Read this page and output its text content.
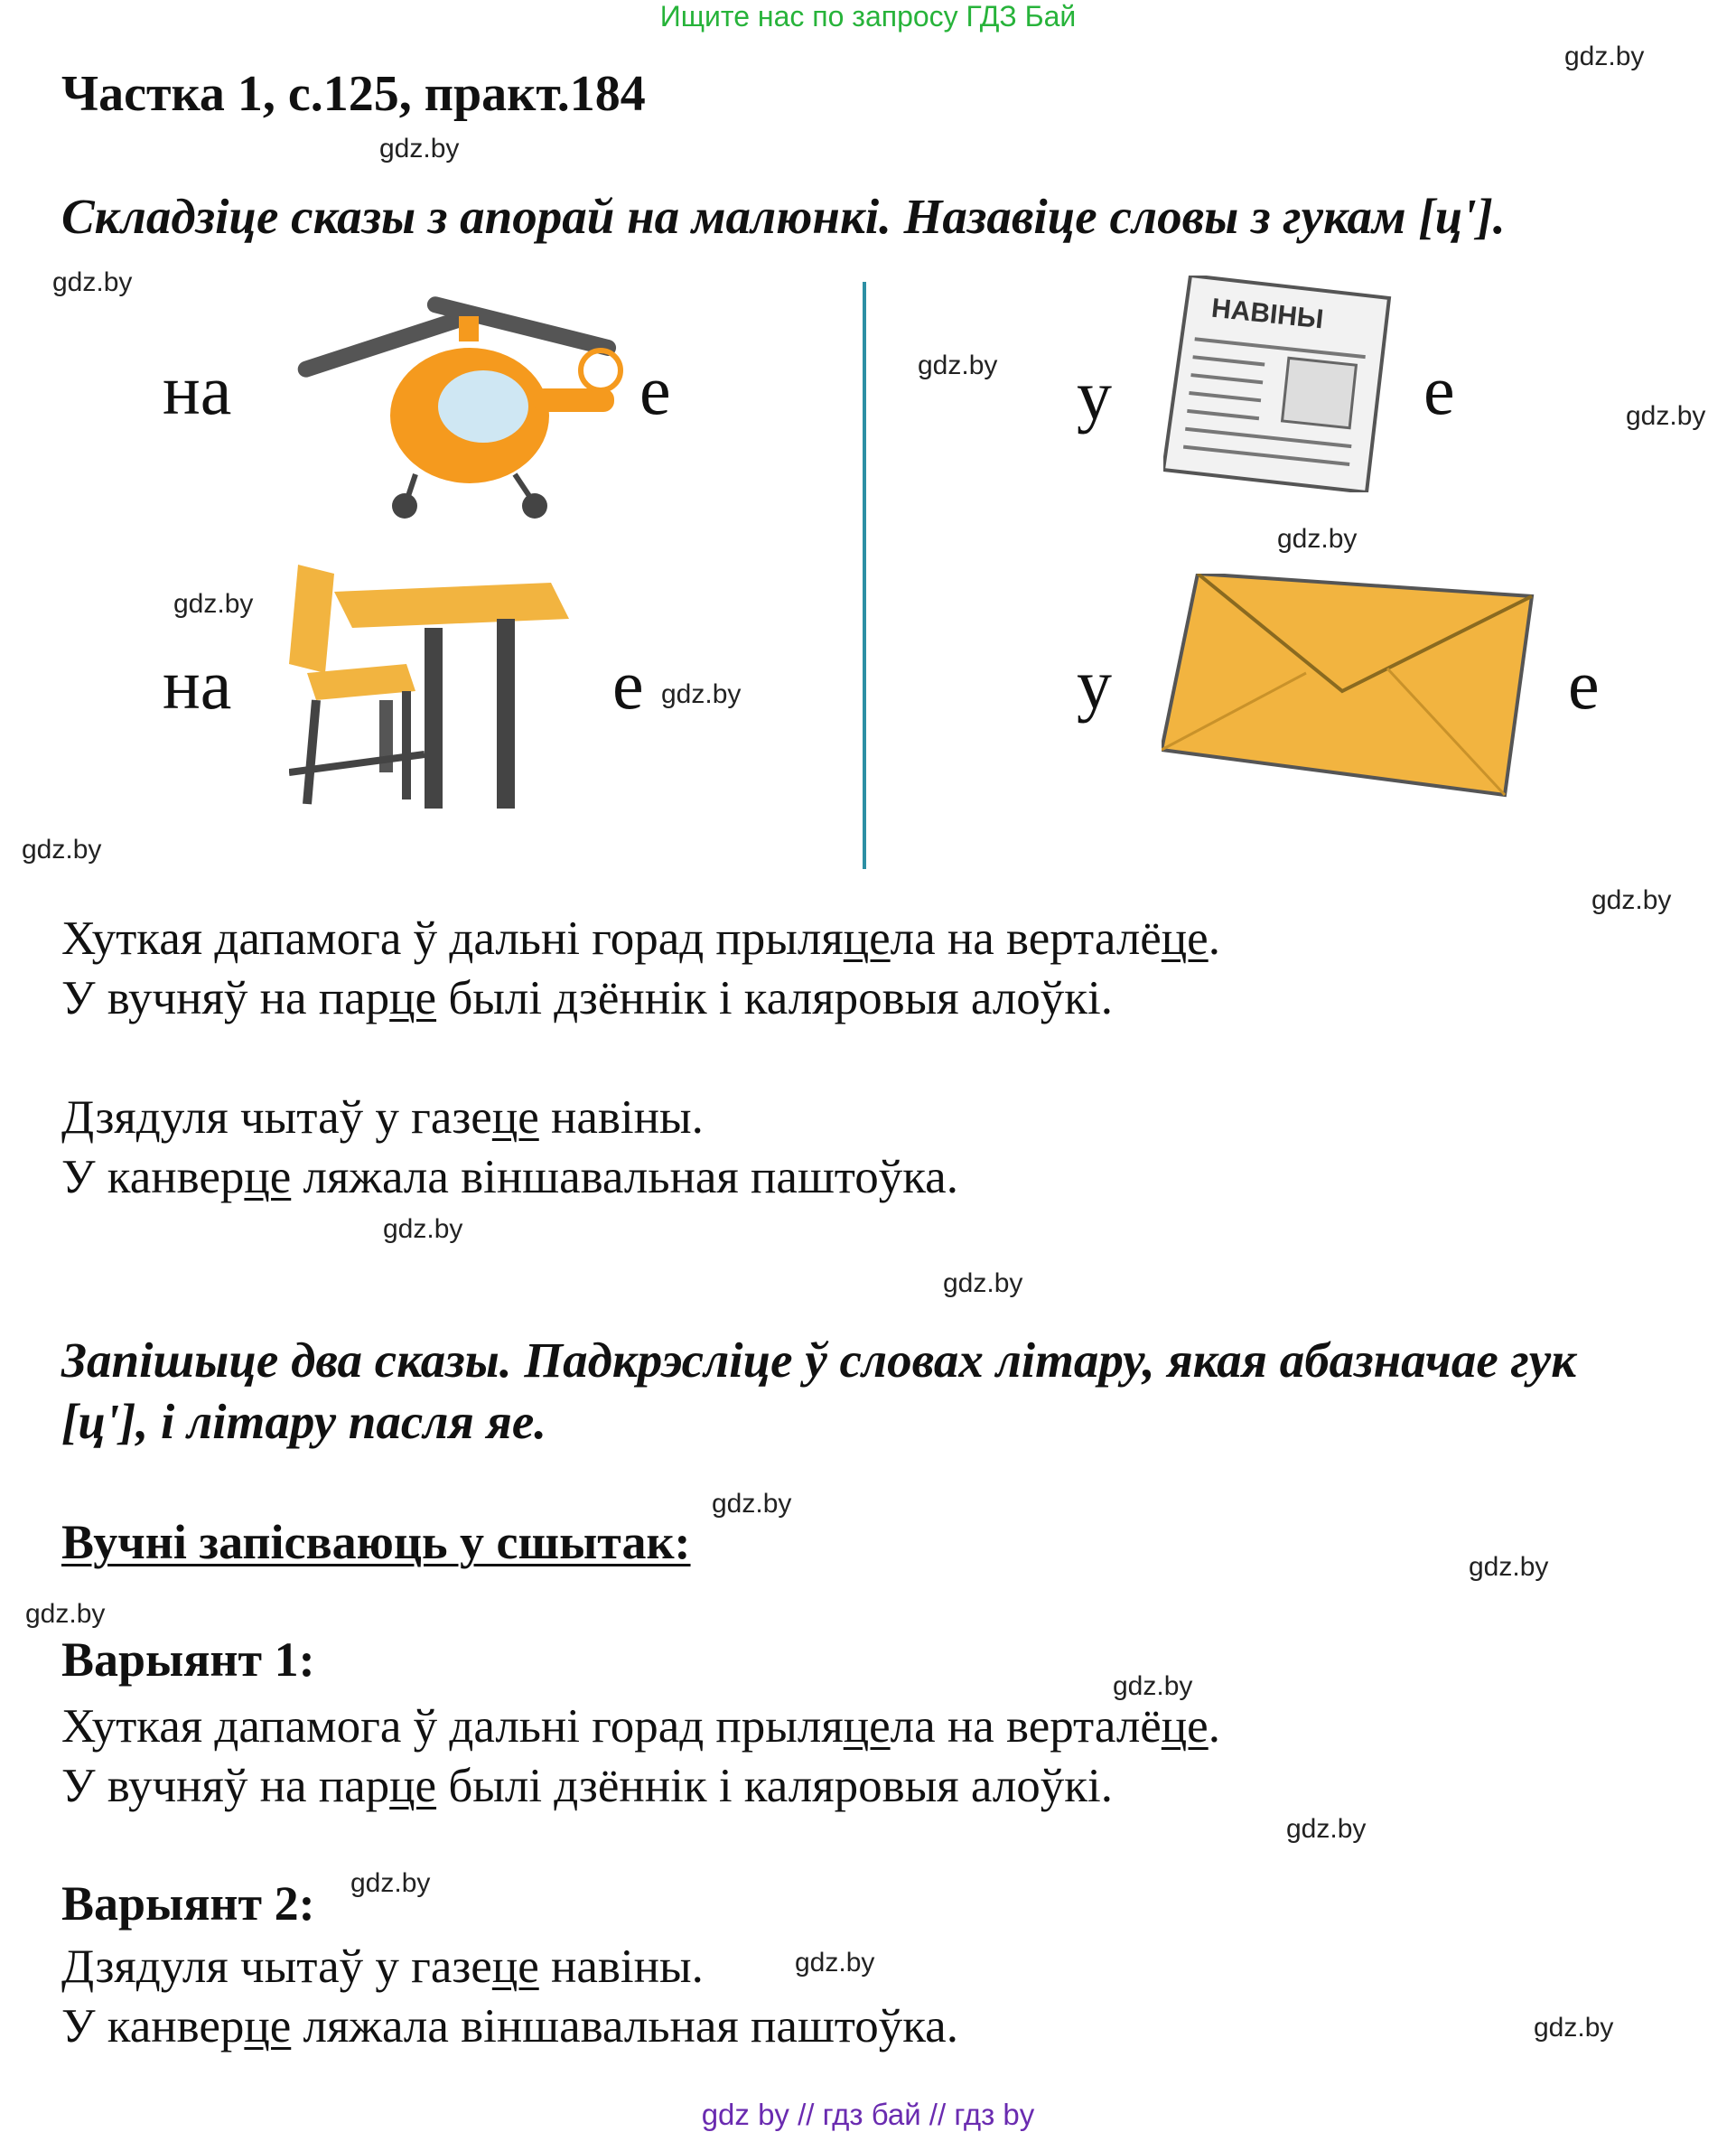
Ищите нас по запросу ГДЗ Бай
Частка 1, с.125, практ.184
Складзіце сказы з апорай на малюнкі. Назавіце словы з гукам [ц'].
на	е
на	е
у	е
НАВІНЫ
у	е
Хуткая дапамога ў дальні горад прыляцела на верталёце.
У вучняў на парце былі дзённік і каляровыя алоўкі.
Дзядуля чытаў у газеце навіны.
У канверце ляжала віншавальная паштоўка.
Запішыце два сказы. Падкрэсліце ў словах літару, якая абазначае гук
[ц'], і літару пасля яе.
Вучні запісваюць у сшытак:
Варыянт 1:
Хуткая дапамога ў дальні горад прыляцела на верталёце.
У вучняў на парце былі дзённік і каляровыя алоўкі.
Варыянт 2:
Дзядуля чытаў у газеце навіны.
У канверце ляжала віншавальная паштоўка.
gdz.by
gdz.by
gdz.by
gdz.by
gdz.by
gdz.by
gdz.by
gdz.by
gdz.by
gdz.by
gdz.by
gdz.by
gdz.by
gdz.by
gdz.by
gdz.by
gdz.by
gdz.by
gdz.by
gdz.by
gdz by // гдз бай // гдз by
